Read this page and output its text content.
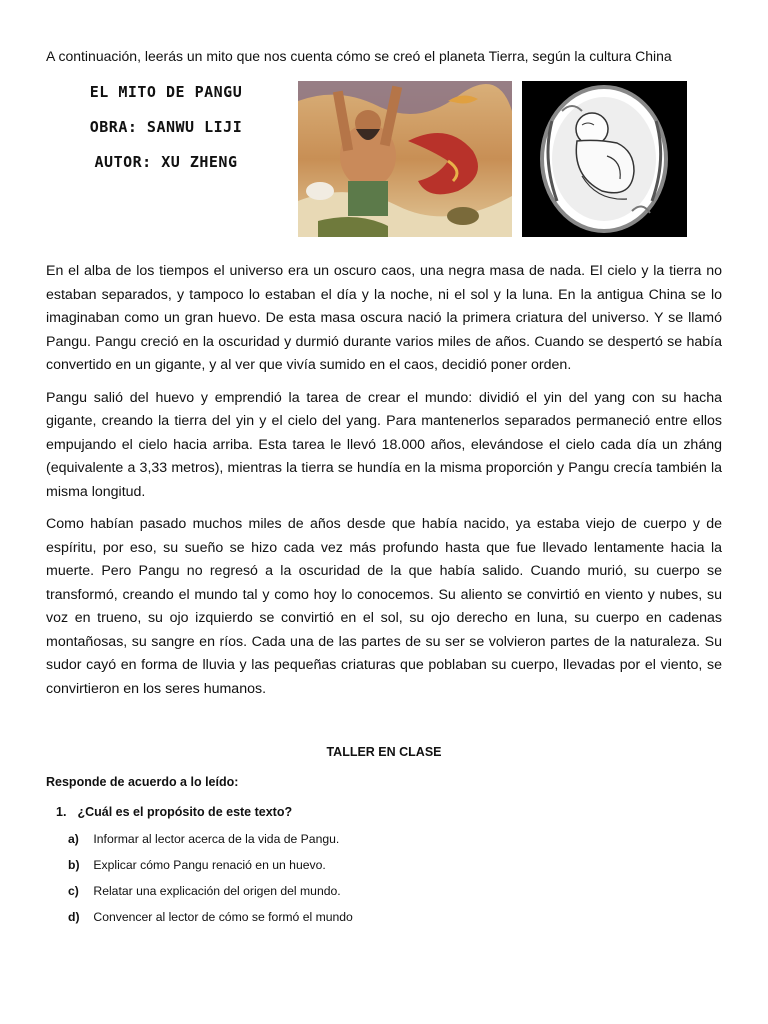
A continuación, leerás un mito que nos cuenta cómo se creó el planeta Tierra, según la cultura China
EL MITO DE PANGU
OBRA: SANWU LIJI
AUTOR: XU ZHENG

En el alba de los tiempos el universo era un oscuro caos, una negra masa de nada. El cielo y la tierra no estaban separados, y tampoco lo estaban el día y la noche, ni el sol y la luna. En la antigua China se lo imaginaban como un gran huevo. De esta masa oscura nació la primera criatura del universo. Y se llamó Pangu. Pangu creció en la oscuridad y durmió durante varios miles de años. Cuando se despertó se había convertido en un gigante, y al ver que vivía sumido en el caos, decidió poner orden.

Pangu salió del huevo y emprendió la tarea de crear el mundo: dividió el yin del yang con su hacha gigante, creando la tierra del yin y el cielo del yang. Para mantenerlos separados permaneció entre ellos empujando el cielo hacia arriba. Esta tarea le llevó 18.000 años, elevándose el cielo cada día un zháng (equivalente a 3,33 metros), mientras la tierra se hundía en la misma proporción y Pangu crecía también la misma longitud.

Como habían pasado muchos miles de años desde que había nacido, ya estaba viejo de cuerpo y de espíritu, por eso, su sueño se hizo cada vez más profundo hasta que fue llevado lentamente hacia la muerte. Pero Pangu no regresó a la oscuridad de la que había salido. Cuando murió, su cuerpo se transformó, creando el mundo tal y como hoy lo conocemos. Su aliento se convirtió en viento y nubes, su voz en trueno, su ojo izquierdo se convirtió en el sol, su ojo derecho en luna, su cuerpo en cadenas montañosas, su sangre en ríos. Cada una de las partes de su ser se volvieron partes de la naturaleza. Su sudor cayó en forma de lluvia y las pequeñas criaturas que poblaban su cuerpo, llevadas por el viento, se convirtieron en los seres humanos.

TALLER EN CLASE
Responde de acuerdo a lo leído:
1. ¿Cuál es el propósito de este texto?
a) Informar al lector acerca de la vida de Pangu.
b) Explicar cómo Pangu renació en un huevo.
c) Relatar una explicación del origen del mundo.
d) Convencer al lector de cómo se formó el mundo
